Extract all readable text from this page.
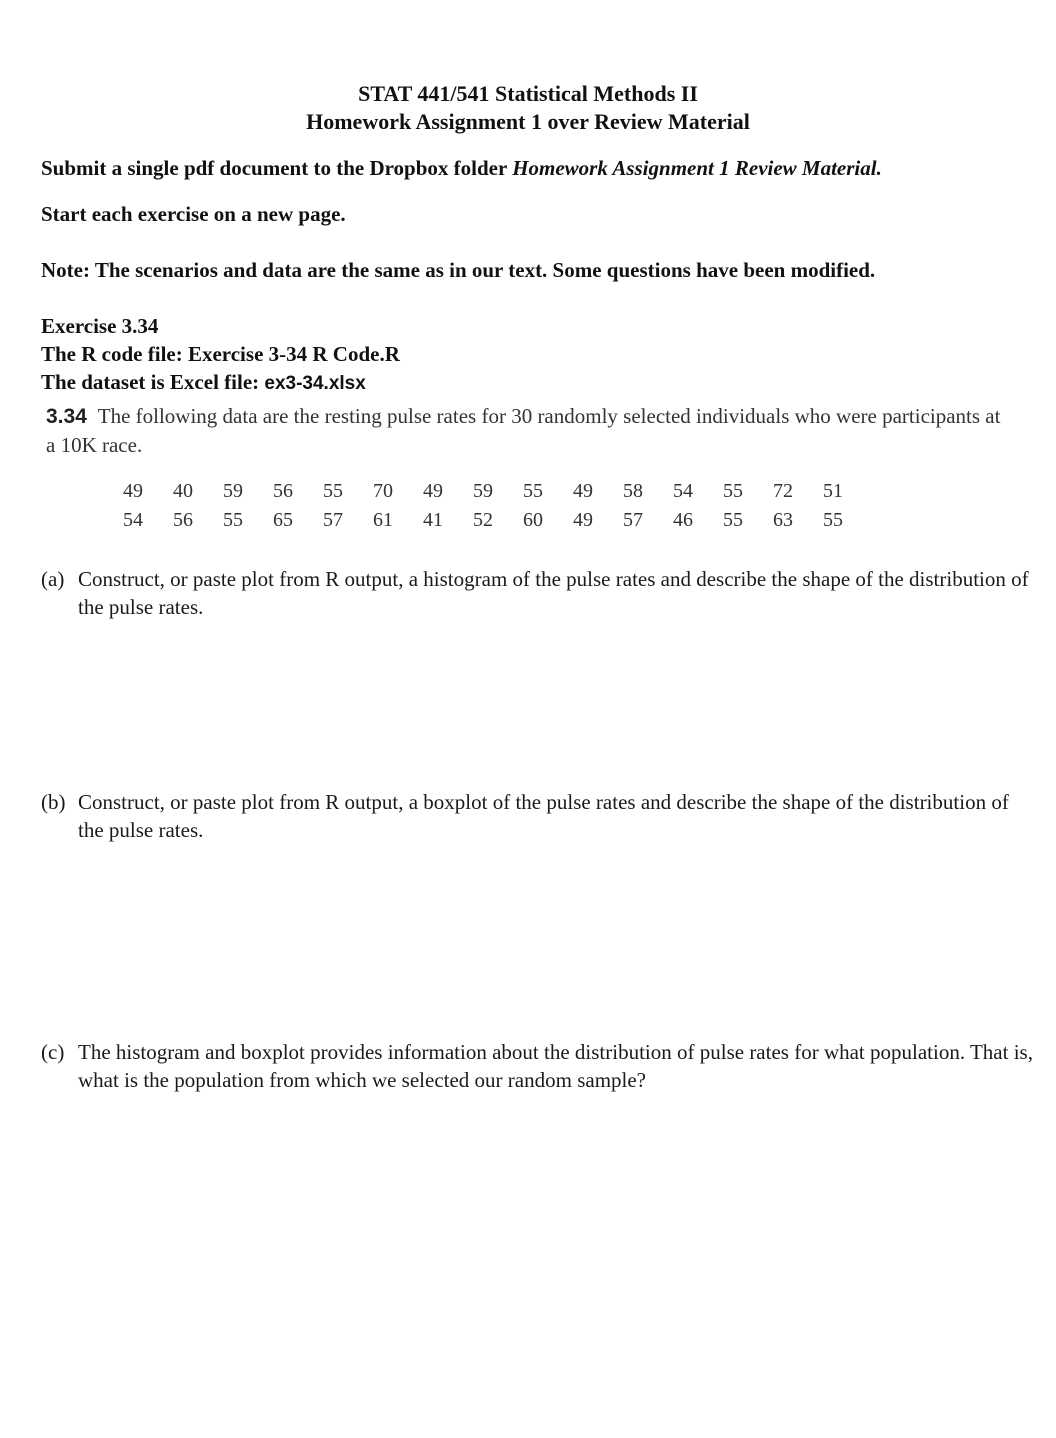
STAT 441/541 Statistical Methods II
Homework Assignment 1 over Review Material
Submit a single pdf document to the Dropbox folder Homework Assignment 1 Review Material.
Start each exercise on a new page.
Note: The scenarios and data are the same as in our text. Some questions have been modified.
Exercise 3.34
The R code file: Exercise 3-34 R Code.R
The dataset is Excel file: ex3-34.xlsx
3.34 The following data are the resting pulse rates for 30 randomly selected individuals who were participants at a 10K race.
49	40	59	56	55	70	49	59	55	49	58	54	55	72	51
54	56	55	65	57	61	41	52	60	49	57	46	55	63	55
(a) Construct, or paste plot from R output, a histogram of the pulse rates and describe the shape of the distribution of the pulse rates.
(b) Construct, or paste plot from R output, a boxplot of the pulse rates and describe the shape of the distribution of the pulse rates.
(c) The histogram and boxplot provides information about the distribution of pulse rates for what population. That is, what is the population from which we selected our random sample?
